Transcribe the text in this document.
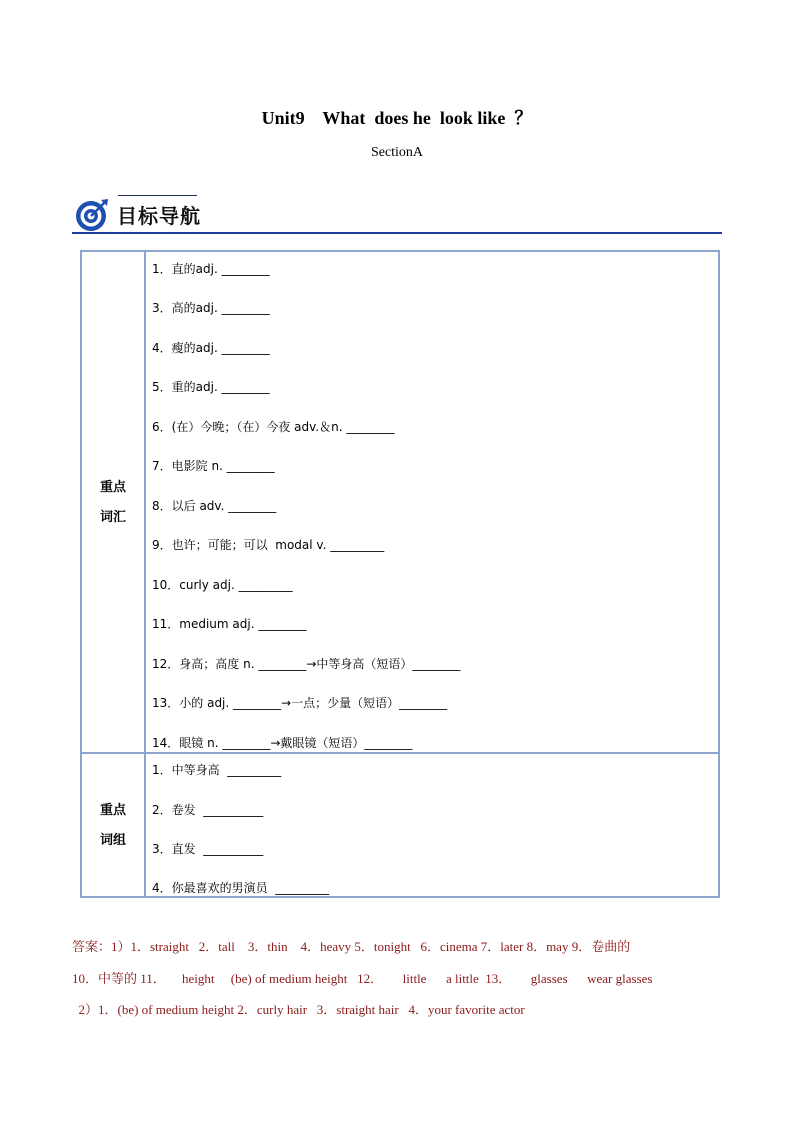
Unit9    What  does he  look like  ？
SectionA
目标导航
重点
词汇
1．直的adj. ________
3．高的adj. ________
4．瘦的adj. ________
5．重的adj. ________
6．(在）今晚；（在）今夜 adv.＆n. ________
7．电影院 n. ________
8．以后 adv. ________
9．也许；可能；可以  modal v. _________
10．curly adj. _________
11．medium adj. ________
12．身高；高度 n. ________→中等身高（短语）________
13．小的 adj. ________→一点；少量（短语）________
14．眼镜 n. ________→戴眼镜（短语）________
重点
词组
1．中等身高  _________
2．卷发  __________
3．直发  __________
4．你最喜欢的男演员  _________
答案：1）1．straight   2．tall    3．thin    4．heavy 5．tonight   6．cinema 7．later 8．may 9．卷曲的
10．中等的 11．     height     (be) of medium height   12．      little      a little  13．      glasses      wear glasses
2）1．(be) of medium height 2．curly hair   3．straight hair   4．your favorite actor
